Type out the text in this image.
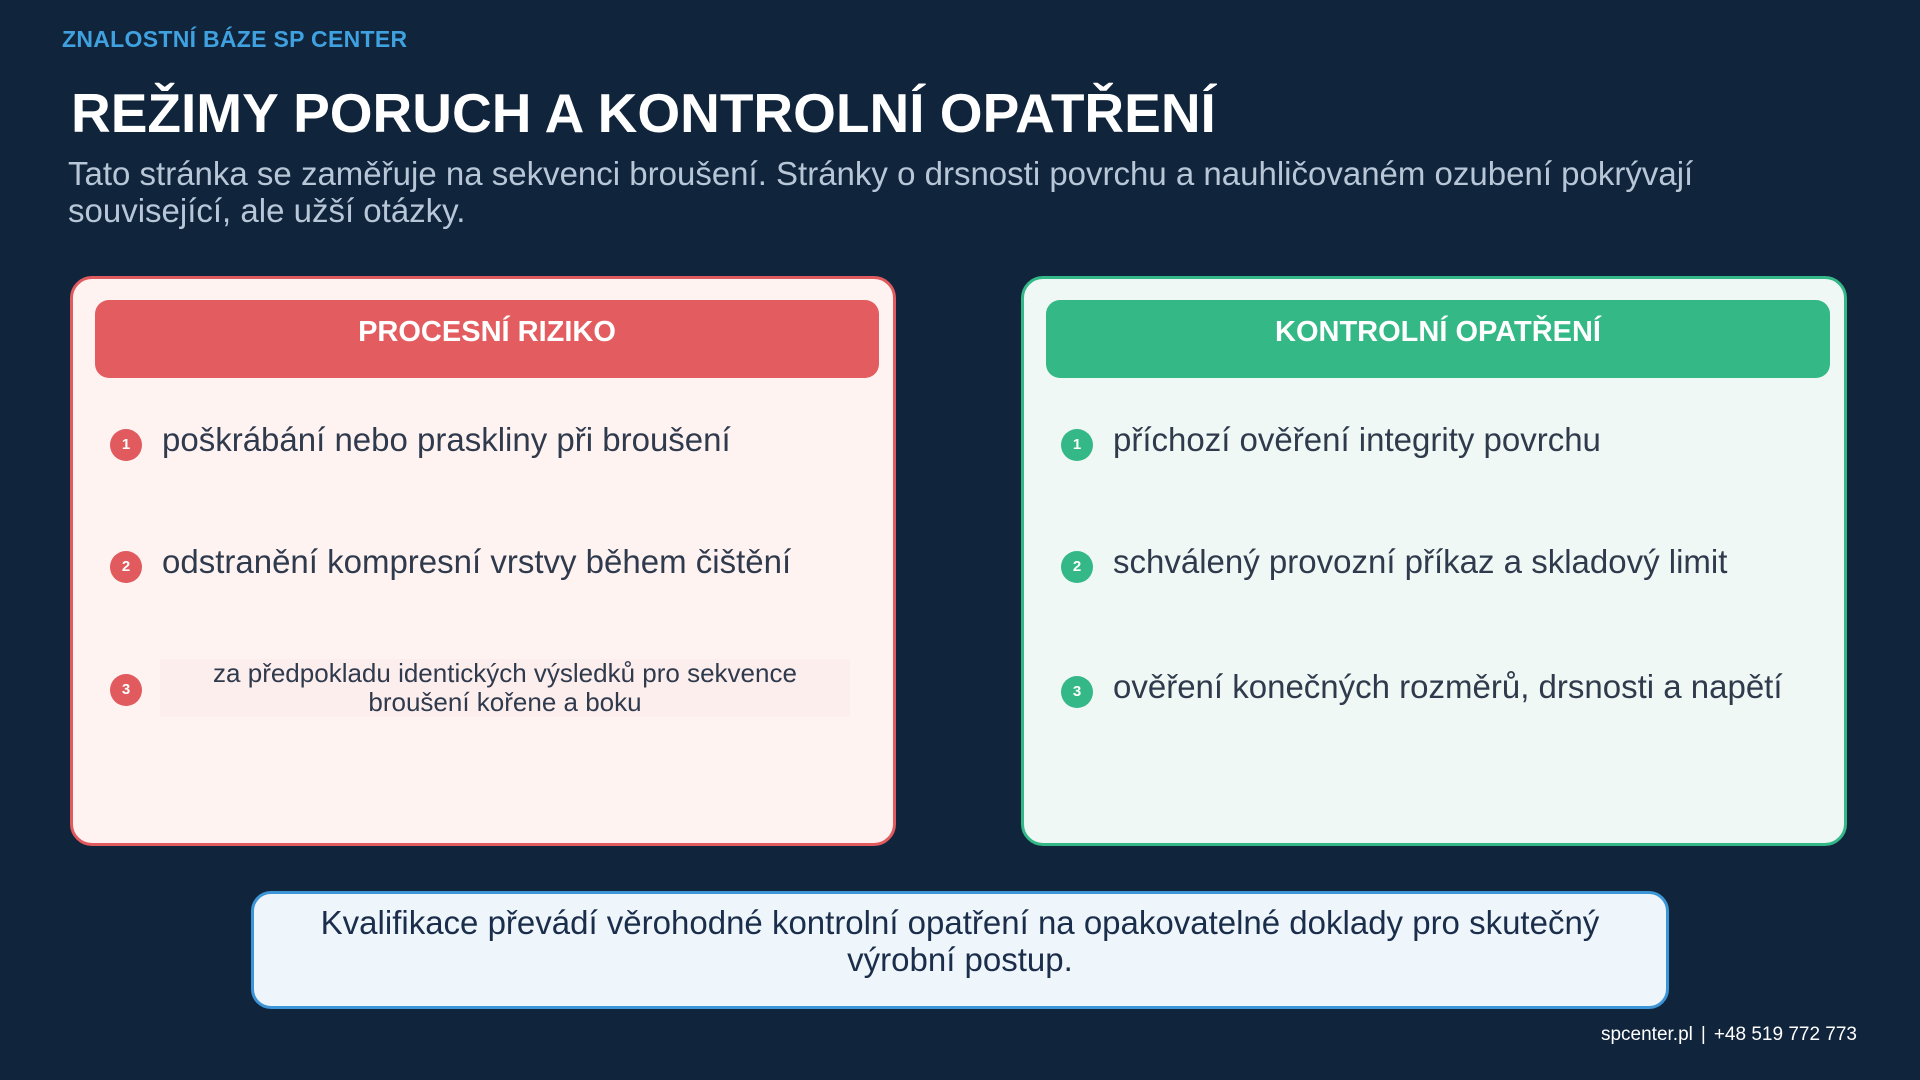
ZNALOSTNÍ BÁZE SP CENTER
REŽIMY PORUCH A KONTROLNÍ OPATŘENÍ
Tato stránka se zaměřuje na sekvenci broušení. Stránky o drsnosti povrchu a nauhličovaném ozubení pokrývají související, ale užší otázky.
PROCESNÍ RIZIKO
1 poškrábání nebo praskliny při broušení
2 odstranění kompresní vrstvy během čištění
3
za předpokladu identických výsledků pro sekvence broušení kořene a boku
KONTROLNÍ OPATŘENÍ
1 příchozí ověření integrity povrchu
2 schválený provozní příkaz a skladový limit
3 ověření konečných rozměrů, drsnosti a napětí
Kvalifikace převádí věrohodné kontrolní opatření na opakovatelné doklady pro skutečný výrobní postup.
spcenter.pl | +48 519 772 773
